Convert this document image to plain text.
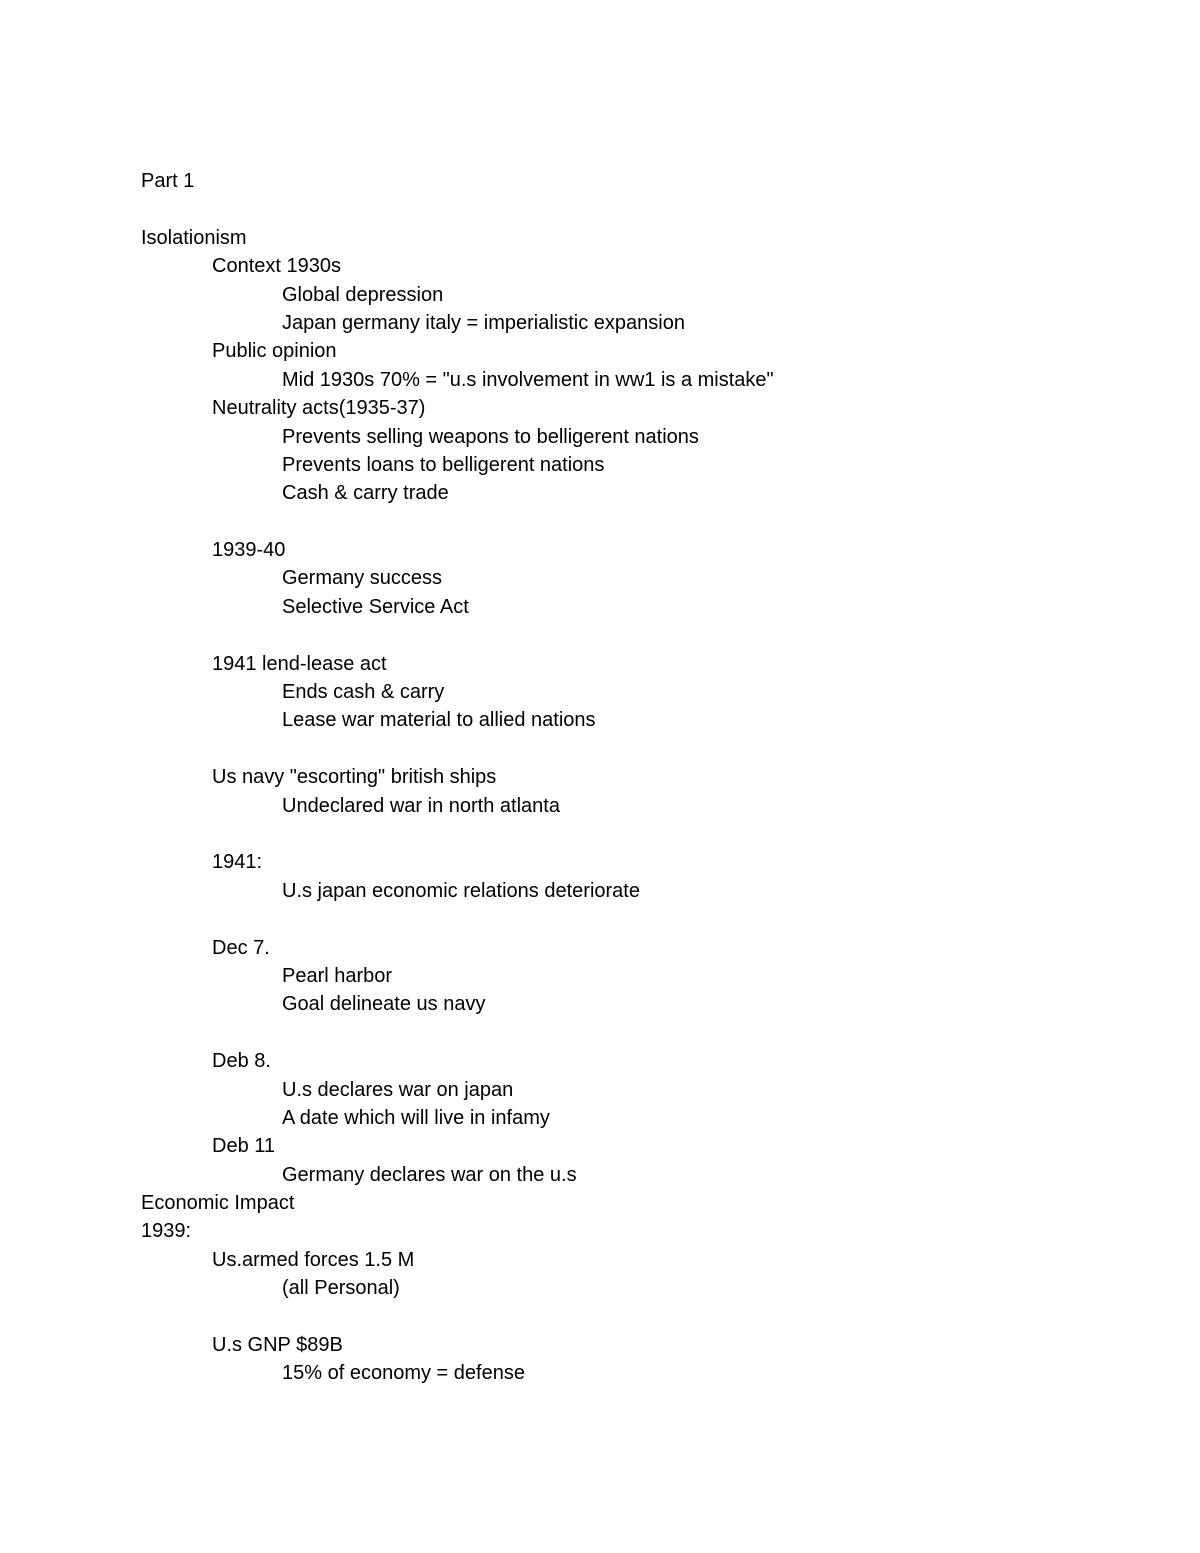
Part 1
Isolationism
Context 1930s
Global depression
Japan germany italy = imperialistic expansion
Public opinion
Mid 1930s 70% = "u.s involvement in ww1 is a mistake"
Neutrality acts(1935-37)
Prevents selling weapons to belligerent nations
Prevents loans to belligerent nations
Cash & carry trade
1939-40
Germany success
Selective Service Act
1941 lend-lease act
Ends cash & carry
Lease war material to allied nations
Us navy "escorting" british ships
Undeclared war in north atlanta
1941:
U.s japan economic relations deteriorate
Dec 7.
Pearl harbor
Goal delineate us navy
Deb 8.
U.s declares war on japan
A date which will live in infamy
Deb 11
Germany declares war on the u.s
Economic Impact
1939:
Us.armed forces 1.5 M
(all Personal)
U.s GNP $89B
15% of economy = defense
